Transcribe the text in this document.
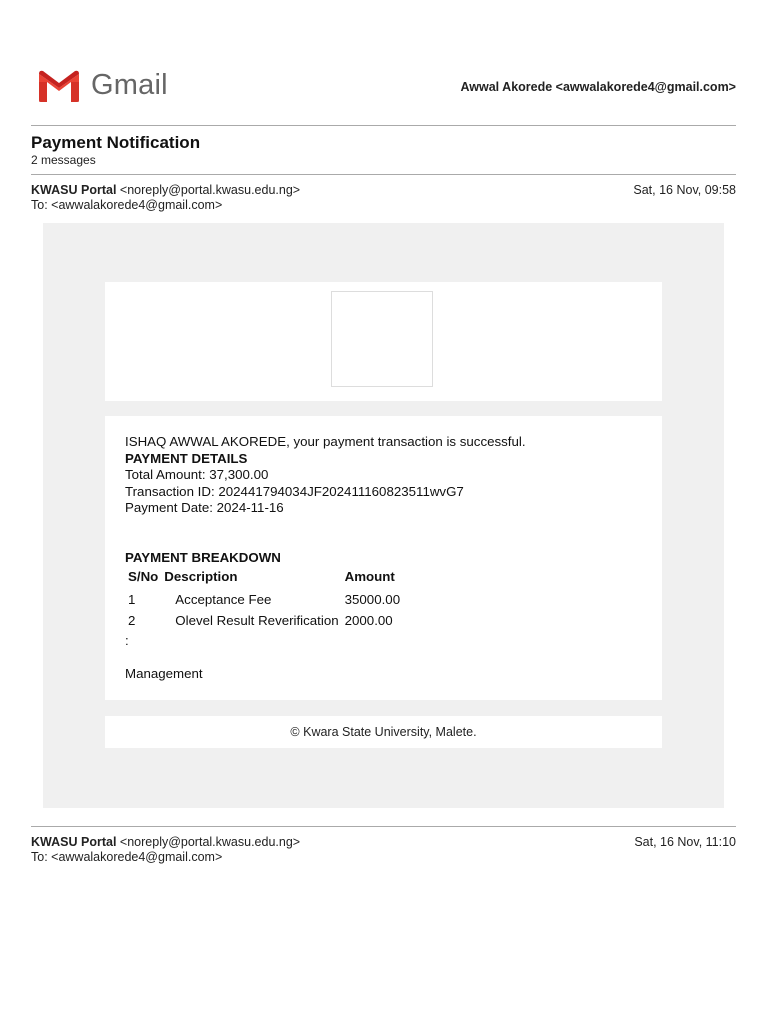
Gmail	Awwal Akorede <awwalakorede4@gmail.com>
Payment Notification
2 messages
KWASU Portal <noreply@portal.kwasu.edu.ng>	Sat, 16 Nov, 09:58
To: <awwalakorede4@gmail.com>
ISHAQ AWWAL AKOREDE, your payment transaction is successful.
PAYMENT DETAILS
Total Amount: 37,300.00
Transaction ID: 202441794034JF202411160823511wvG7
Payment Date: 2024-11-16
PAYMENT BREAKDOWN
S/No	Description	Amount
1	Acceptance Fee	35000.00
2	Olevel Result Reverification	2000.00
:
Management
© Kwara State University, Malete.
KWASU Portal <noreply@portal.kwasu.edu.ng>	Sat, 16 Nov, 11:10
To: <awwalakorede4@gmail.com>
